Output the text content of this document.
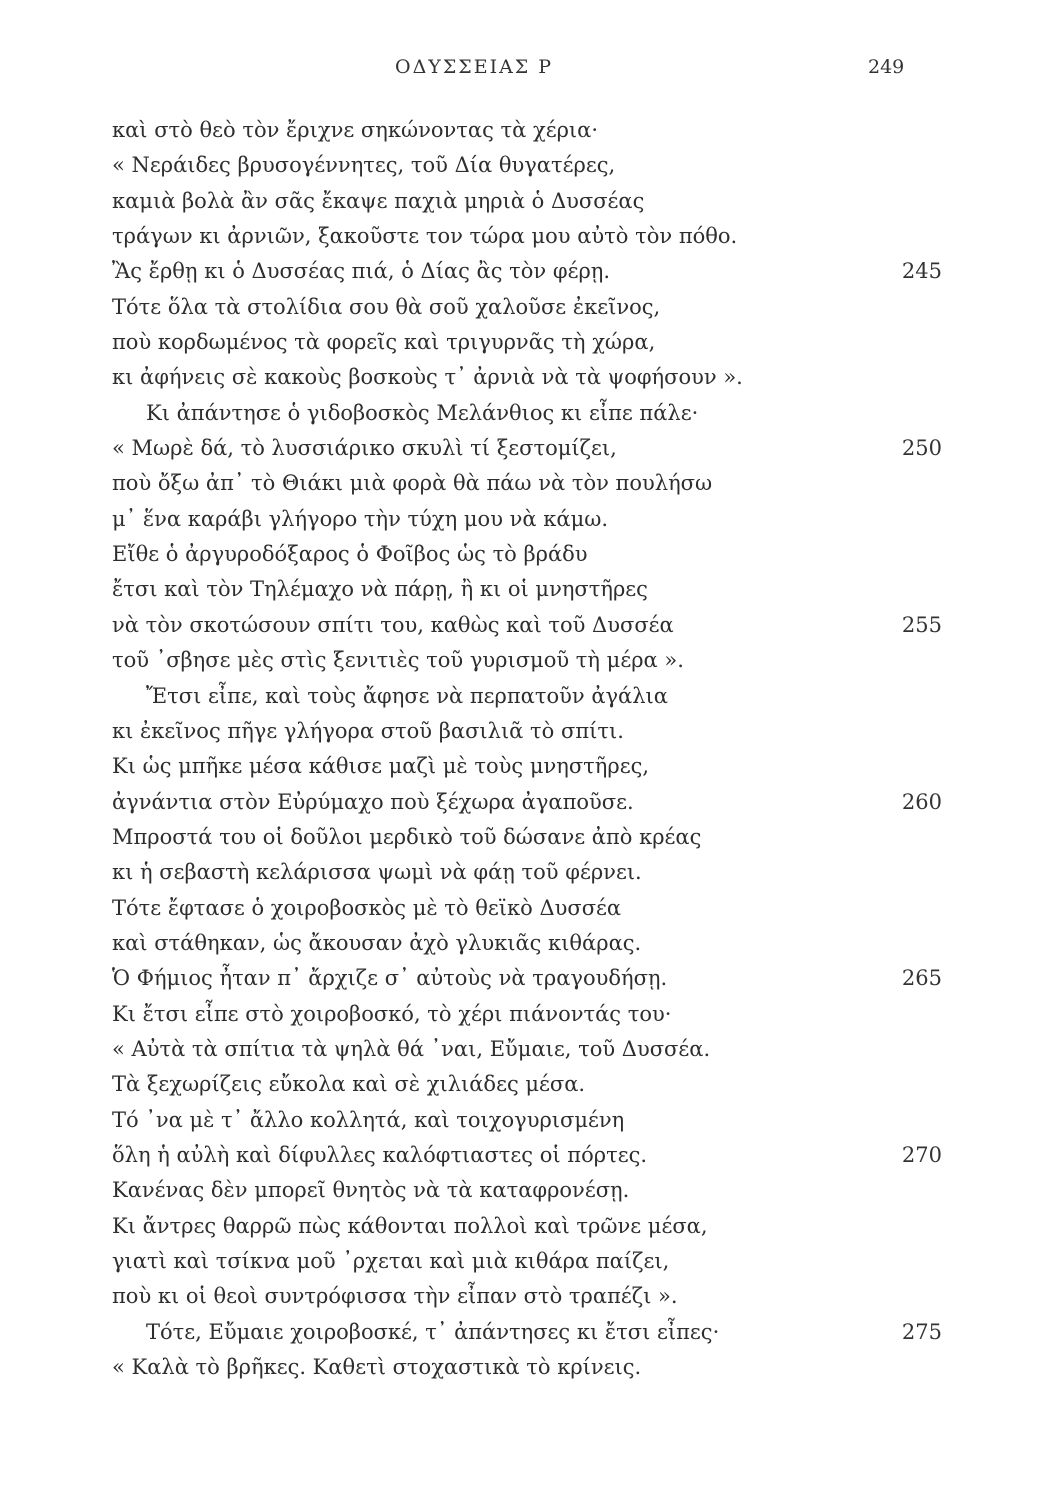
ΟΔΥΣΣΕΙΑΣ Ρ	249
καὶ στὸ θεὸ τὸν ἔριχνε σηκώνοντας τὰ χέρια·
« Νεράιδες βρυσογέννητες, τοῦ Δία θυγατέρες,
καμιὰ βολὰ ἂν σᾶς ἔκαψε παχιὰ μηριὰ ὁ Δυσσέας
τράγων κι ἀρνιῶν, ξακοῦστε τον τώρα μου αὐτὸ τὸν πόθο.
Ἂς ἔρθῃ κι ὁ Δυσσέας πιά, ὁ Δίας ἂς τὸν φέρῃ.	245
Τότε ὅλα τὰ στολίδια σου θὰ σοῦ χαλοῦσε ἐκεῖνος,
ποὺ κορδωμένος τὰ φορεῖς καὶ τριγυρνᾶς τὴ χώρα,
κι ἀφήνεις σὲ κακοὺς βοσκοὺς τ᾿ ἀρνιὰ νὰ τὰ ψοφήσουν ».
Κι ἀπάντησε ὁ γιδοβοσκὸς Μελάνθιος κι εἶπε πάλε·
« Μωρὲ δά, τὸ λυσσιάρικο σκυλὶ τί ξεστομίζει,	250
ποὺ ὄξω ἀπ᾿ τὸ Θιάκι μιὰ φορὰ θὰ πάω νὰ τὸν πουλήσω
μ᾿ ἕνα καράβι γλήγορο τὴν τύχη μου νὰ κάμω.
Εἴθε ὁ ἀργυροδόξαρος ὁ Φοῖβος ὡς τὸ βράδυ
ἔτσι καὶ τὸν Τηλέμαχο νὰ πάρῃ, ἢ κι οἱ μνηστῆρες
νὰ τὸν σκοτώσουν σπίτι του, καθὼς καὶ τοῦ Δυσσέα	255
τοῦ ᾿σβησε μὲς στὶς ξενιτιὲς τοῦ γυρισμοῦ τὴ μέρα ».
Ἔτσι εἶπε, καὶ τοὺς ἄφησε νὰ περπατοῦν ἀγάλια
κι ἐκεῖνος πῆγε γλήγορα στοῦ βασιλιᾶ τὸ σπίτι.
Κι ὡς μπῆκε μέσα κάθισε μαζὶ μὲ τοὺς μνηστῆρες,
ἀγνάντια στὸν Εὐρύμαχο ποὺ ξέχωρα ἀγαποῦσε.	260
Μπροστά του οἱ δοῦλοι μερδικὸ τοῦ δώσανε ἀπὸ κρέας
κι ἡ σεβαστὴ κελάρισσα ψωμὶ νὰ φάῃ τοῦ φέρνει.
Τότε ἔφτασε ὁ χοιροβοσκὸς μὲ τὸ θεϊκὸ Δυσσέα
καὶ στάθηκαν, ὡς ἄκουσαν ἀχὸ γλυκιᾶς κιθάρας.
Ὁ Φήμιος ἦταν π᾿ ἄρχιζε σ᾿ αὐτοὺς νὰ τραγουδήσῃ.	265
Κι ἔτσι εἶπε στὸ χοιροβοσκό, τὸ χέρι πιάνοντάς του·
« Αὐτὰ τὰ σπίτια τὰ ψηλὰ θά ᾿ναι, Εὔμαιε, τοῦ Δυσσέα.
Τὰ ξεχωρίζεις εὔκολα καὶ σὲ χιλιάδες μέσα.
Τό ᾿να μὲ τ᾿ ἄλλο κολλητά, καὶ τοιχογυρισμένη
ὅλη ἡ αὐλὴ καὶ δίφυλλες καλόφτιαστες οἱ πόρτες.	270
Κανένας δὲν μπορεῖ θνητὸς νὰ τὰ καταφρονέσῃ.
Κι ἄντρες θαρρῶ πὼς κάθονται πολλοὶ καὶ τρῶνε μέσα,
γιατὶ καὶ τσίκνα μοῦ ᾿ρχεται καὶ μιὰ κιθάρα παίζει,
ποὺ κι οἱ θεοὶ συντρόφισσα τὴν εἶπαν στὸ τραπέζι ».
Τότε, Εὔμαιε χοιροβοσκέ, τ᾿ ἀπάντησες κι ἔτσι εἶπες·	275
« Καλὰ τὸ βρῆκες. Καθετὶ στοχαστικὰ τὸ κρίνεις.
